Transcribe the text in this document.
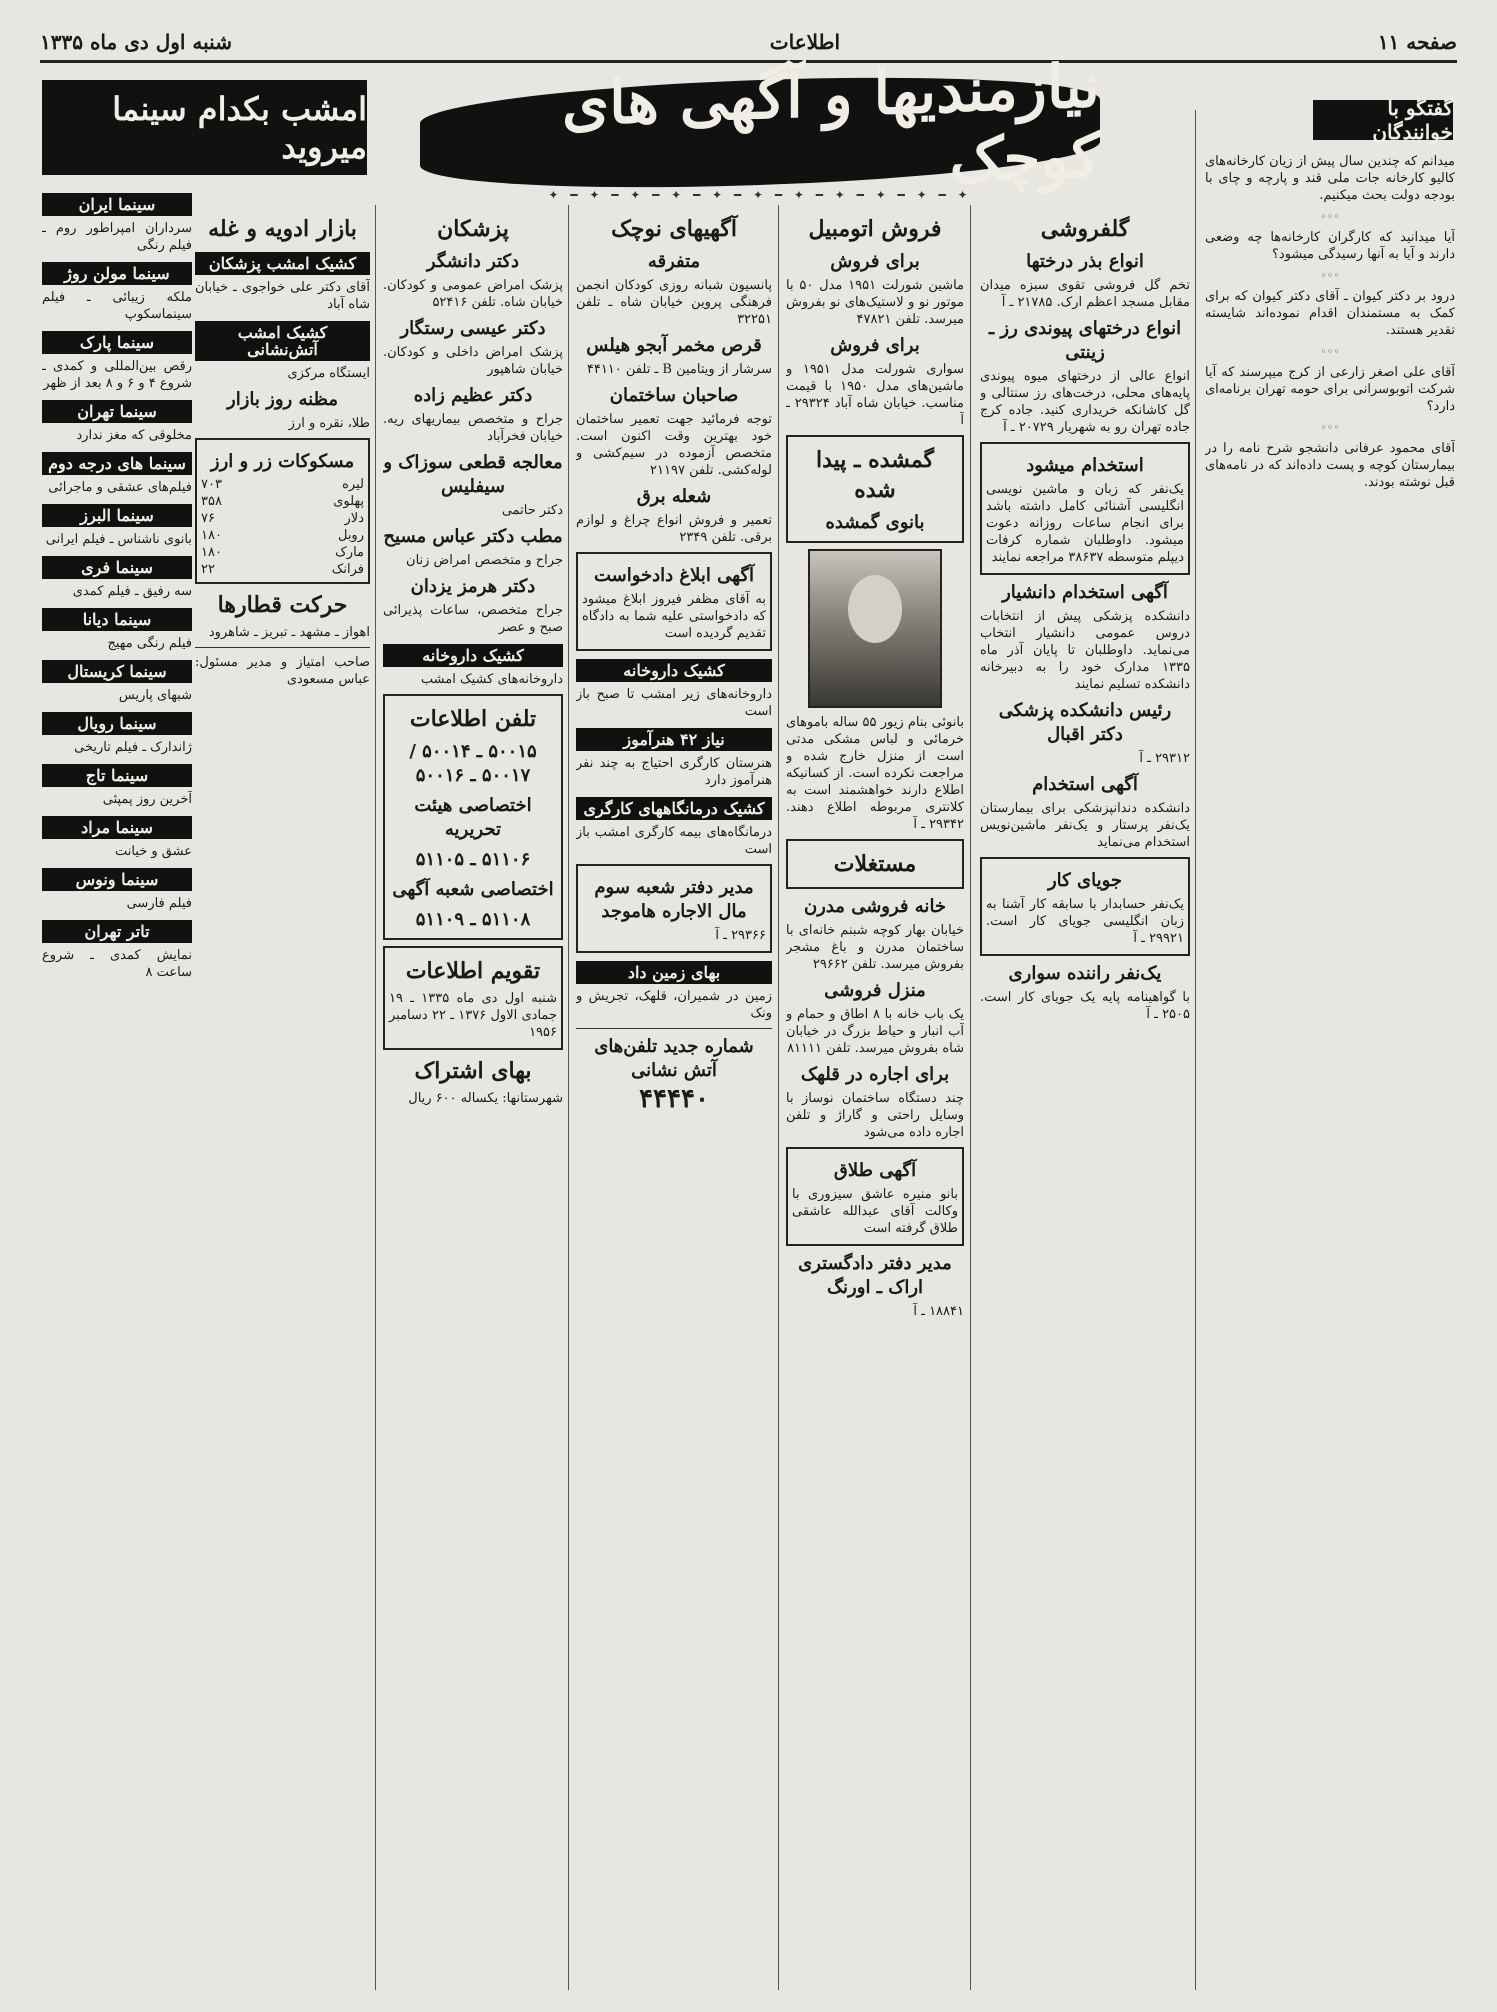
صفحه ۱۱
اطلاعات
شنبه اول دی ماه ۱۳۳۵
گفتگو با خوانندگان
نیازمندیها و آگهی های کوچک
✦ ━ ✦ ━ ✦ ━ ✦ ━ ✦ ━ ✦ ━ ✦ ━ ✦ ━ ✦ ━ ✦ ━ ✦
امشب بکدام سینما میروید	میدانم که چندین سال پیش از زیان کارخانه‌های کالیو کارخانه جات ملی قند و پارچه و چای با بودجه دولت بحث میکنیم.
◦◦◦
آیا میدانید که کارگران کارخانه‌ها چه وضعی دارند و آیا به آنها رسیدگی میشود؟
◦◦◦
درود بر دکتر کیوان ـ آقای دکتر کیوان که برای کمک به مستمندان اقدام نموده‌اند شایسته تقدیر هستند.
◦◦◦
آقای علی اصغر زارعی از کرج میپرسند که آیا شرکت اتوبوسرانی برای حومه تهران برنامه‌ای دارد؟
◦◦◦
آقای محمود عرفانی دانشجو شرح نامه را در بیمارستان کوچه و پست داده‌اند که در نامه‌های قبل نوشته بودند.
گلفروشی
انواع بذر درختها
تخم گل فروشی تقوی سبزه میدان مقابل مسجد اعظم ارک. ۲۱۷۸۵ ـ آ
انواع درختهای پیوندی رز ـ زینتی
انواع عالی از درختهای میوه پیوندی پایه‌های محلی، درخت‌های رز سنتالی و گل کاشانکه خرید‌اری کنید. جاده کرج جاده تهران رو به شهریار ۲۰۷۲۹ ـ آ
استخدام میشود
یک‌نفر که زبان و ماشین نویسی انگلیسی آشنائی کامل داشته باشد برای انجام ساعات روزانه دعوت میشود. داوطلبان شماره کرفات دیپلم متوسطه ۳۸۶۳۷ مراجعه نمایند
آگهی استخدام دانشیار
دانشکده پزشکی پیش از انتخابات دروس عمومی دانشیار انتخاب می‌نماید. داوطلبان تا پایان آذر ماه ۱۳۳۵ مدارک خود را به دبیرخانه دانشکده تسلیم نمایند
رئیس دانشکده پزشکی دکتر اقبال
۲۹۳۱۲ ـ آ
آگهی استخدام
دانشکده دندانپزشکی برای بیمارستان یک‌نفر پرستار و یک‌نفر ماشین‌نویس استخدام می‌نماید
جویای کار
یک‌نفر حسابدار با سابقه کار آشنا به زبان انگلیسی جویای کار است. ۲۹۹۲۱ ـ آ
یک‌نفر راننده سواری
با گواهینامه پایه یک جویای کار است. ۲۵۰۵ ـ آ
فروش اتومبیل
برای فروش
ماشین شورلت ۱۹۵۱ مدل ۵۰ با موتور نو و لاستیک‌های نو بفروش میرسد. تلفن ۴۷۸۲۱
برای فروش
سواری شورلت مدل ۱۹۵۱ و ماشین‌های مدل ۱۹۵۰ با قیمت مناسب. خیابان شاه آباد ۲۹۳۲۴ ـ آ
گمشده ـ پیدا شده
بانوی گمشده
بانوئی بنام زیور ۵۵ ساله بامو‌های خرمائی و لباس مشکی مدتی است از منزل خارج شده و مراجعت نکرده است. از کسانیکه اطلاع دارند خواهشمند است به کلانتری مربوطه اطلاع دهند. ۲۹۳۴۲ ـ آ
مستغلات
خانه فروشی مدرن
خیابان بهار کوچه شبنم خانه‌ای با ساختمان مدرن و باغ مشجر بفروش میرسد. تلفن ۲۹۶۶۲
منزل فروشی
یک باب خانه با ۸ اطاق و حمام و آب انبار و حیاط بزرگ در خیابان شاه بفروش میرسد. تلفن ۸۱۱۱۱
برای اجاره در قلهک
چند دستگاه ساختمان نوساز با وسایل راحتی و گاراژ و تلفن اجاره داده می‌شود
آگهی طلاق
بانو منیره عاشق سیزوری با وکالت آقای عبدالله عاشقی طلاق گرفته است
مدیر دفتر دادگستری اراک ـ اورنگ
۱۸۸۴۱ ـ آ
آگهیهای نوچک
متفرقه
پانسیون شبانه روزی کودکان انجمن فرهنگی پروین خیابان شاه ـ تلفن ۳۲۲۵۱
قرص مخمر آبجو هیلس
سرشار از ویتامین B ـ تلفن ۴۴۱۱۰
صاحبان ساختمان
توجه فرمائید جهت تعمیر ساختمان خود بهترین وقت اکنون است. متخصص آزموده در سیم‌کشی و لوله‌کشی. تلفن ۲۱۱۹۷
شعله برق
تعمیر و فروش انواع چراغ و لوازم برقی. تلفن ۲۳۴۹
آگهی ابلاغ دادخواست
به آقای مظفر فیروز ابلاغ میشود که دادخواستی علیه شما به دادگاه تقدیم گردیده است
کشیک داروخانه
داروخانه‌های زیر امشب تا صبح باز است
نیاز ۴۲ هنرآموز
هنرستان کارگری احتیاج به چند نفر هنرآموز دارد
کشیک درمانگاههای کارگری
درمانگاه‌های بیمه کارگری امشب باز است
مدیر دفتر شعبه سوم مال الاجاره هاموجد
۲۹۳۶۶ ـ آ
بهای زمین داد
زمین در شمیران، قلهک، تجریش و ونک
شماره جدید تلفن‌های آتش نشانی
۴۴۴۴۰
پزشکان
دکتر دانشگر
پزشک امراض عمومی و کودکان. خیابان شاه. تلفن ۵۲۴۱۶
دکتر عیسی رستگار
پزشک امراض داخلی و کودکان. خیابان شاهپور
دکتر عظیم زاده
جراح و متخصص بیماریهای ریه. خیابان فخرآباد
معالجه قطعی سوزاک و سیفلیس
دکتر حاتمی
مطب دکتر عباس مسیح
جراح و متخصص امراض زنان
دکتر هرمز یزدان
جراح متخصص، ساعات پذیرائی صبح و عصر
کشیک داروخانه
داروخانه‌های کشیک امشب
تلفن اطلاعات
۵۰۰۱۵ ـ ۵۰۰۱۴ / ۵۰۰۱۷ ـ ۵۰۰۱۶
اختصاصی هیئت تحریریه
۵۱۱۰۶ ـ ۵۱۱۰۵
اختصاصی شعبه آگهی
۵۱۱۰۸ ـ ۵۱۱۰۹
تقویم اطلاعات
شنبه اول دی ماه ۱۳۳۵ ـ ۱۹ جمادی الاول ۱۳۷۶ ـ ۲۲ دسامبر ۱۹۵۶
بهای اشتراک
شهرستانها: یکساله ۶۰۰ ریال
بازار ادویه و غله
کشیک امشب پزشکان
آقای دکتر علی خواجوی ـ خیابان شاه آباد
کشیک امشب آتش‌نشانی
ایستگاه مرکزی
مظنه روز بازار
طلا، نقره و ارز
مسکوکات زر و ارز
لیره
۷۰۳
پهلوی
۳۵۸
دلار
۷۶
روبل
۱۸۰
مارک
۱۸۰
فرانک
۲۲
حرکت قطارها
اهواز ـ مشهد ـ تبریز ـ شاهرود
صاحب امتیاز و مدیر مسئول: عباس مسعودی
سینما ایران
سرداران امپراطور روم ـ فیلم رنگی
سینما مولن روژ
ملکه زیبائی ـ فیلم سینماسکوپ
سینما پارک
رقص بین‌المللی و کمدی ـ شروع ۴ و ۶ و ۸ بعد از ظهر
سینما تهران
مخلوقی که مغز ندارد
سینما های درجه دوم
فیلم‌های عشقی و ماجرائی
سینما البرز
بانوی ناشناس ـ فیلم ایرانی
سینما فری
سه رفیق ـ فیلم کمدی
سینما دیانا
فیلم رنگی مهیج
سینما کریستال
شبهای پاریس
سینما رویال
ژاندارک ـ فیلم تاریخی
سینما تاج
آخرین روز پمپئی
سینما مراد
عشق و خیانت
سینما ونوس
فیلم فارسی
تاتر تهران
نمایش کمدی ـ شروع ساعت ۸
